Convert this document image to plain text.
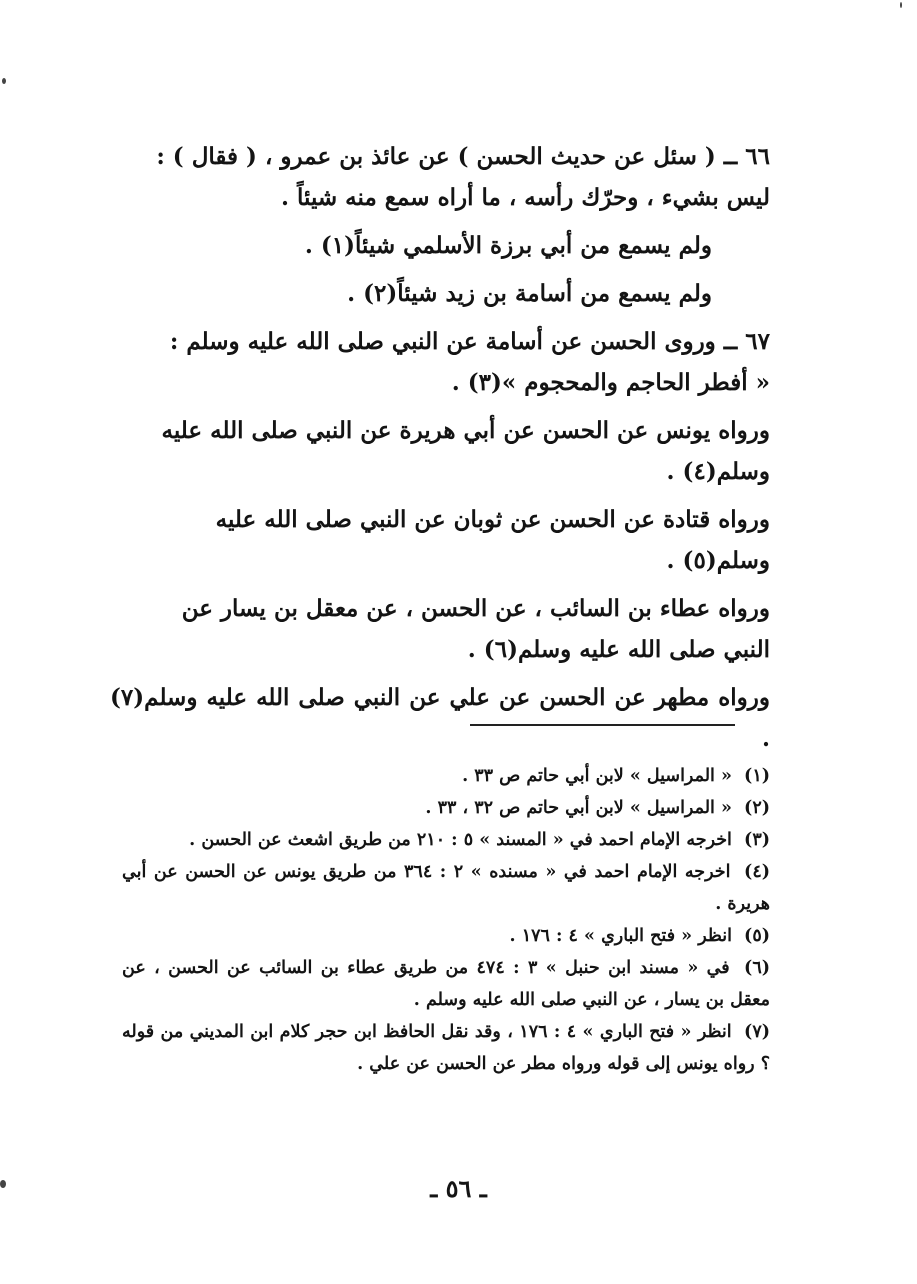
٦٦ ــ ( سئل عن حديث الحسن ) عن عائذ بن عمرو ، ( فقال ) :
ليس بشيء ، وحرّك رأسه ، ما أراه سمع منه شيئاً .

ولم يسمع من أبي برزة الأسلمي شيئاً(١) .

ولم يسمع من أسامة بن زيد شيئاً(٢) .

٦٧ ــ وروى الحسن عن أسامة عن النبي صلى الله عليه وسلم :
« أفطر الحاجم والمحجوم »(٣) .

ورواه يونس عن الحسن عن أبي هريرة عن النبي صلى الله عليه
وسلم(٤) .

ورواه قتادة عن الحسن عن ثوبان عن النبي صلى الله عليه
وسلم(٥) .

ورواه عطاء بن السائب ، عن الحسن ، عن معقل بن يسار عن
النبي صلى الله عليه وسلم(٦) .

ورواه مطهر عن الحسن عن علي عن النبي صلى الله عليه وسلم(٧) .

(١) « المراسيل » لابن أبي حاتم ص ٣٣ .

(٢) « المراسيل » لابن أبي حاتم ص ٣٢ ، ٣٣ .

(٣) اخرجه الإمام احمد في « المسند » ٥ : ٢١٠ من طريق اشعث عن الحسن .

(٤) اخرجه الإمام احمد في « مسنده » ٢ : ٣٦٤ من طريق يونس عن الحسن عن أبي هريرة .

(٥) انظر « فتح الباري » ٤ : ١٧٦ .

(٦) في « مسند ابن حنبل » ٣ : ٤٧٤ من طريق عطاء بن السائب عن الحسن ، عن معقل بن يسار ، عن النبي صلى الله عليه وسلم .

(٧) انظر « فتح الباري » ٤ : ١٧٦ ، وقد نقل الحافظ ابن حجر كلام ابن المديني من قوله ؟ رواه يونس إلى قوله ورواه مطر عن الحسن عن علي .

ـ ٥٦ ـ
